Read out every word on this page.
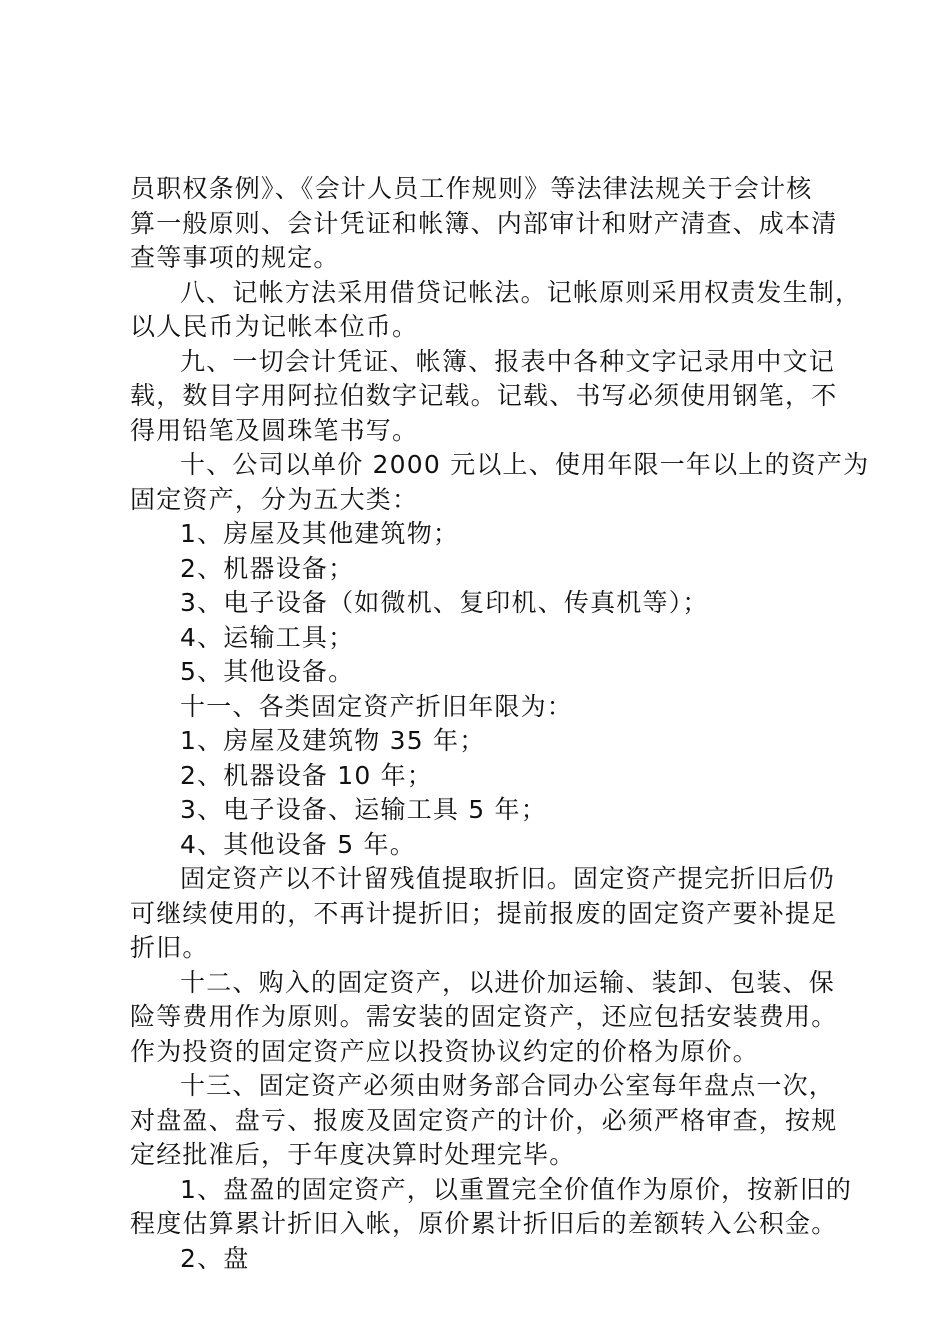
员职权条例》、《会计人员工作规则》等法律法规关于会计核
算一般原则、会计凭证和帐簿、内部审计和财产清查、成本清
查等事项的规定。
八、记帐方法采用借贷记帐法。记帐原则采用权责发生制，
以人民币为记帐本位币。
九、一切会计凭证、帐簿、报表中各种文字记录用中文记
载，数目字用阿拉伯数字记载。记载、书写必须使用钢笔，不
得用铅笔及圆珠笔书写。
十、公司以单价 2000 元以上、使用年限一年以上的资产为
固定资产，分为五大类：
1、房屋及其他建筑物；
2、机器设备；
3、电子设备（如微机、复印机、传真机等）；
4、运输工具；
5、其他设备。
十一、各类固定资产折旧年限为：
1、房屋及建筑物 35 年；
2、机器设备 10 年；
3、电子设备、运输工具 5 年；
4、其他设备 5 年。
固定资产以不计留残值提取折旧。固定资产提完折旧后仍
可继续使用的，不再计提折旧；提前报废的固定资产要补提足
折旧。
十二、购入的固定资产，以进价加运输、装卸、包装、保
险等费用作为原则。需安装的固定资产，还应包括安装费用。
作为投资的固定资产应以投资协议约定的价格为原价。
十三、固定资产必须由财务部合同办公室每年盘点一次，
对盘盈、盘亏、报废及固定资产的计价，必须严格审查，按规
定经批准后，于年度决算时处理完毕。
1、盘盈的固定资产，以重置完全价值作为原价，按新旧的
程度估算累计折旧入帐，原价累计折旧后的差额转入公积金。
2、盘
